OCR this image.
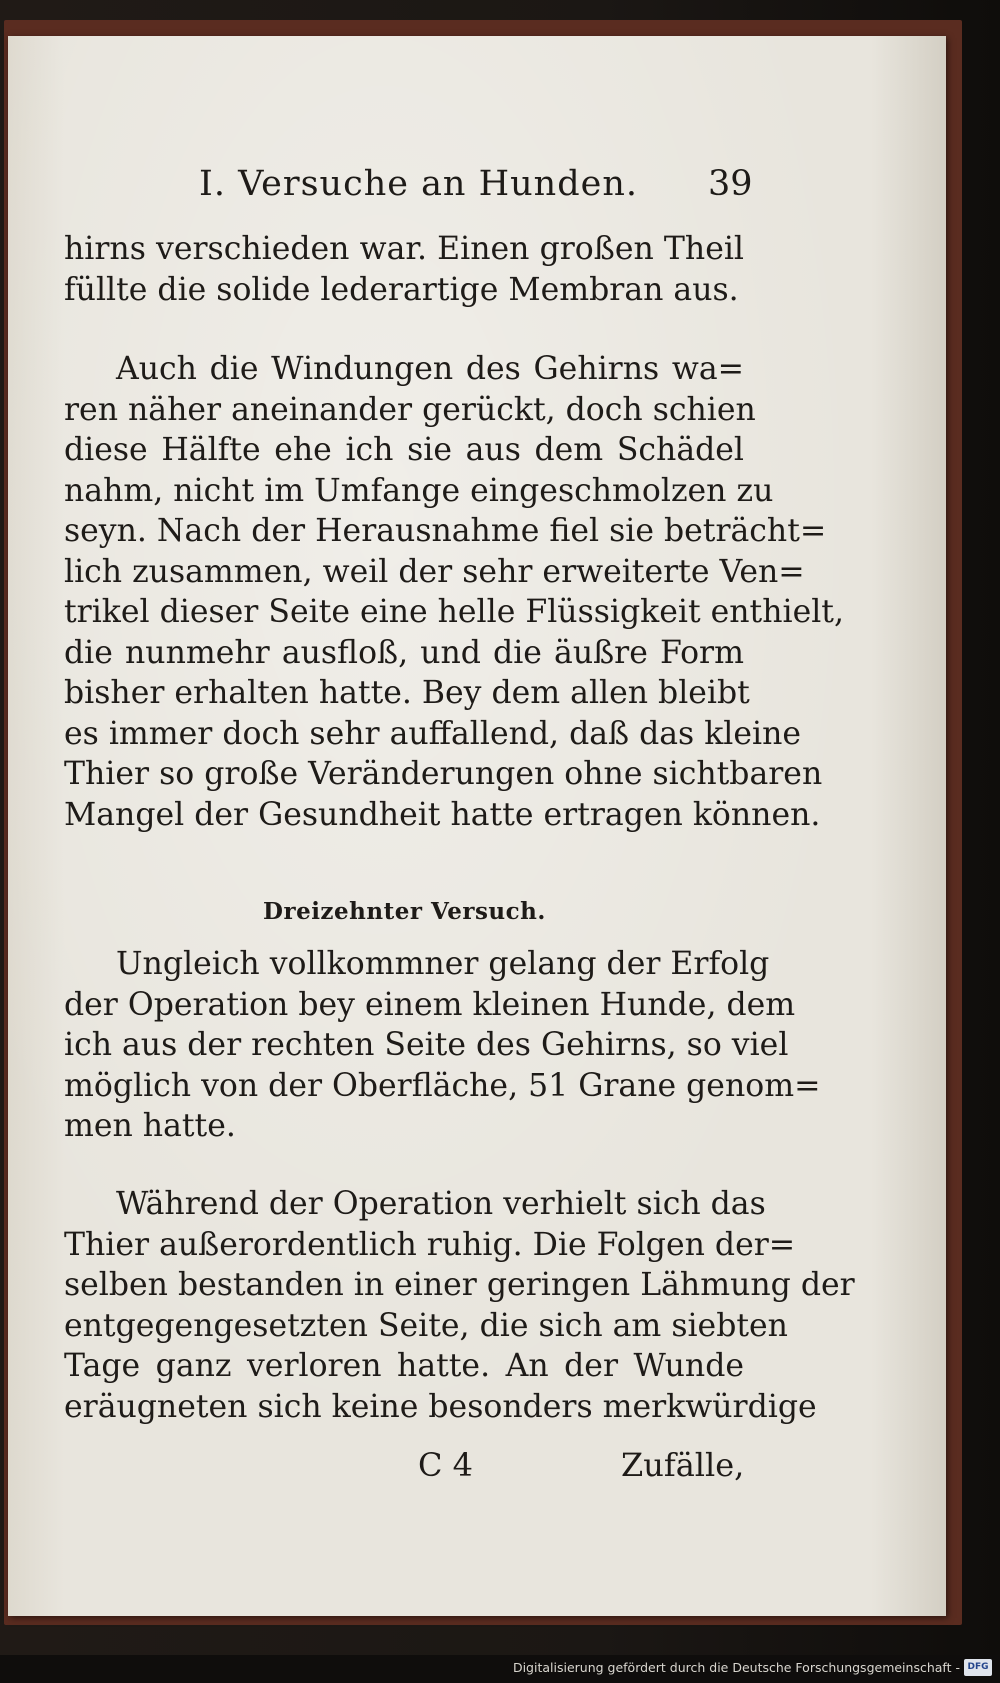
I. Versuche an Hunden. 39
hirns verschieden war. Einen großen Theil
füllte die solide lederartige Membran aus.
Auch die Windungen des Gehirns wa=
ren näher aneinander gerückt, doch schien
diese Hälfte ehe ich sie aus dem Schädel
nahm, nicht im Umfange eingeschmolzen zu
seyn. Nach der Herausnahme fiel sie beträcht=
lich zusammen, weil der sehr erweiterte Ven=
trikel dieser Seite eine helle Flüssigkeit enthielt,
die nunmehr ausfloß, und die äußre Form
bisher erhalten hatte. Bey dem allen bleibt
es immer doch sehr auffallend, daß das kleine
Thier so große Veränderungen ohne sichtbaren
Mangel der Gesundheit hatte ertragen können.
Dreizehnter Versuch.
Ungleich vollkommner gelang der Erfolg
der Operation bey einem kleinen Hunde, dem
ich aus der rechten Seite des Gehirns, so viel
möglich von der Oberfläche, 51 Grane genom=
men hatte.
Während der Operation verhielt sich das
Thier außerordentlich ruhig. Die Folgen der=
selben bestanden in einer geringen Lähmung der
entgegengesetzten Seite, die sich am siebten
Tage ganz verloren hatte. An der Wunde
eräugneten sich keine besonders merkwürdige
C 4	Zufälle,
Digitalisierung gefördert durch die Deutsche Forschungsgemeinschaft - DFG
